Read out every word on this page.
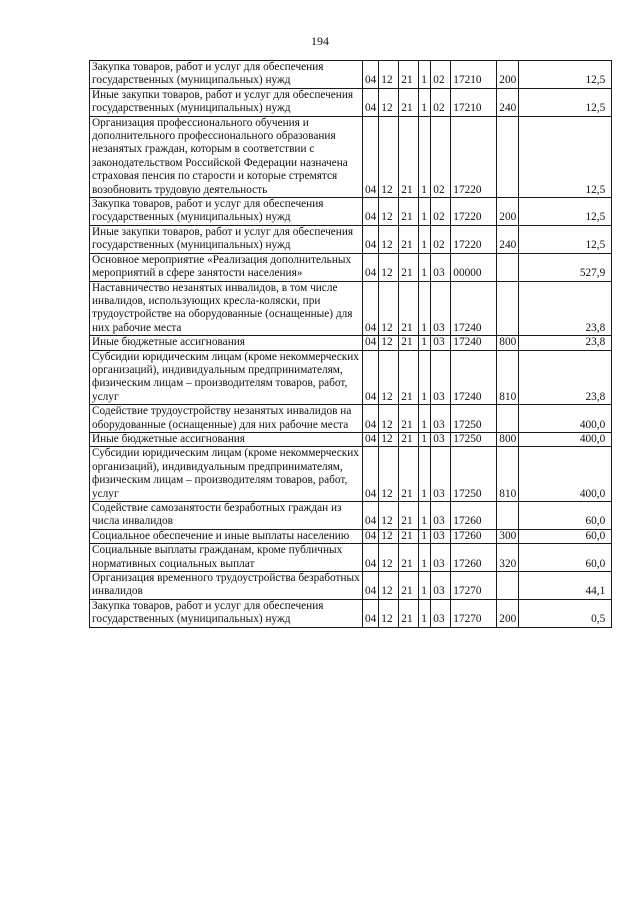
194
Закупка товаров, работ и услуг для обеспечения государственных (муниципальных) нужд	04	12	21	1	02	17210	200	12,5
Иные закупки товаров, работ и услуг для обеспечения государственных (муниципальных) нужд	04	12	21	1	02	17210	240	12,5
Организация профессионального обучения и дополнительного профессионального образования незанятых граждан, которым в соответствии с законодательством Российской Федерации назначена страховая пенсия по старости и которые стремятся возобновить трудовую деятельность	04	12	21	1	02	17220		12,5
Закупка товаров, работ и услуг для обеспечения государственных (муниципальных) нужд	04	12	21	1	02	17220	200	12,5
Иные закупки товаров, работ и услуг для обеспечения государственных (муниципальных) нужд	04	12	21	1	02	17220	240	12,5
Основное мероприятие «Реализация дополнительных мероприятий в сфере занятости населения»	04	12	21	1	03	00000		527,9
Наставничество незанятых инвалидов, в том числе инвалидов, использующих кресла-коляски, при трудоустройстве на оборудованные (оснащенные) для них рабочие места	04	12	21	1	03	17240		23,8
Иные бюджетные ассигнования	04	12	21	1	03	17240	800	23,8
Субсидии юридическим лицам (кроме некоммерческих организаций), индивидуальным предпринимателям, физическим лицам – производителям товаров, работ, услуг	04	12	21	1	03	17240	810	23,8
Содействие трудоустройству незанятых инвалидов на оборудованные (оснащенные) для них рабочие места	04	12	21	1	03	17250		400,0
Иные бюджетные ассигнования	04	12	21	1	03	17250	800	400,0
Субсидии юридическим лицам (кроме некоммерческих организаций), индивидуальным предпринимателям, физическим лицам – производителям товаров, работ, услуг	04	12	21	1	03	17250	810	400,0
Содействие самозанятости безработных граждан из числа инвалидов	04	12	21	1	03	17260		60,0
Социальное обеспечение и иные выплаты населению	04	12	21	1	03	17260	300	60,0
Социальные выплаты гражданам, кроме публичных нормативных социальных выплат	04	12	21	1	03	17260	320	60,0
Организация временного трудоустройства безработных инвалидов	04	12	21	1	03	17270		44,1
Закупка товаров, работ и услуг для обеспечения государственных (муниципальных) нужд	04	12	21	1	03	17270	200	0,5
